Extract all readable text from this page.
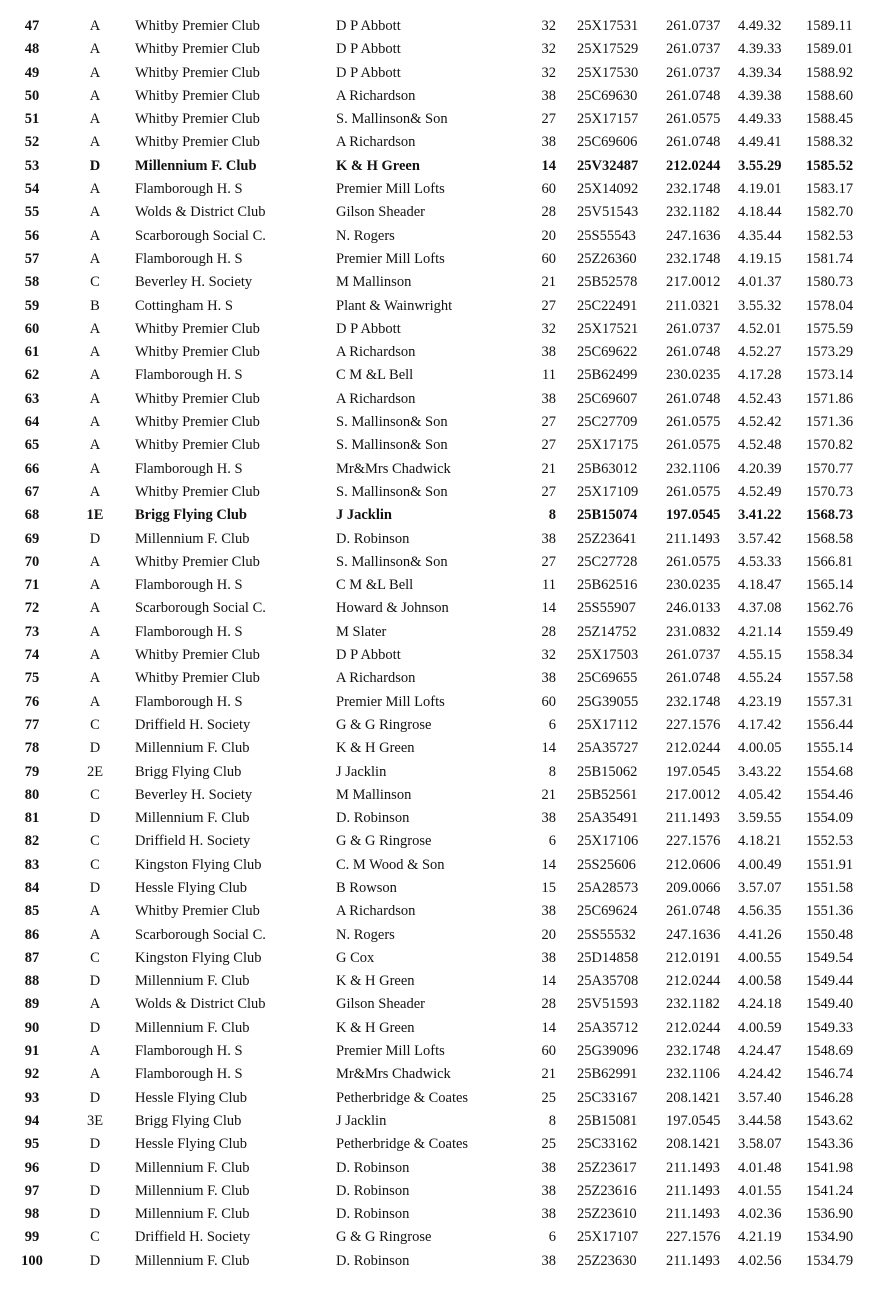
47	A	Whitby Premier Club	D P Abbott	32 25X17531 261.0737 4.49.32 1589.11
48	A	Whitby Premier Club	D P Abbott	32 25X17529 261.0737 4.39.33 1589.01
49	A	Whitby Premier Club	D P Abbott	32 25X17530 261.0737 4.39.34 1588.92
50	A	Whitby Premier Club	A Richardson	38 25C69630 261.0748 4.39.38 1588.60
51	A	Whitby Premier Club	S. Mallinson& Son	27 25X17157 261.0575 4.49.33 1588.45
52	A	Whitby Premier Club	A Richardson	38 25C69606 261.0748 4.49.41 1588.32
53	D	Millennium F. Club	K & H Green	14 25V32487 212.0244 3.55.29 1585.52
54	A	Flamborough H. S	Premier Mill Lofts	60 25X14092 232.1748 4.19.01 1583.17
55	A	Wolds & District Club	Gilson Sheader	28 25V51543 232.1182 4.18.44 1582.70
56	A	Scarborough Social C.	N. Rogers	20 25S55543 247.1636 4.35.44 1582.53
57	A	Flamborough H. S	Premier Mill Lofts	60 25Z26360 232.1748 4.19.15 1581.74
58	C	Beverley H. Society	M Mallinson	21 25B52578 217.0012 4.01.37 1580.73
59	B	Cottingham H. S	Plant & Wainwright	27 25C22491 211.0321 3.55.32 1578.04
60	A	Whitby Premier Club	D P Abbott	32 25X17521 261.0737 4.52.01 1575.59
61	A	Whitby Premier Club	A Richardson	38 25C69622 261.0748 4.52.27 1573.29
62	A	Flamborough H. S	C M &L Bell	11 25B62499 230.0235 4.17.28 1573.14
63	A	Whitby Premier Club	A Richardson	38 25C69607 261.0748 4.52.43 1571.86
64	A	Whitby Premier Club	S. Mallinson& Son	27 25C27709 261.0575 4.52.42 1571.36
65	A	Whitby Premier Club	S. Mallinson& Son	27 25X17175 261.0575 4.52.48 1570.82
66	A	Flamborough H. S	Mr&Mrs Chadwick	21 25B63012 232.1106 4.20.39 1570.77
67	A	Whitby Premier Club	S. Mallinson& Son	27 25X17109 261.0575 4.52.49 1570.73
68	1E	Brigg Flying Club	J Jacklin	8 25B15074 197.0545 3.41.22 1568.73
69	D	Millennium F. Club	D. Robinson	38 25Z23641 211.1493 3.57.42 1568.58
70	A	Whitby Premier Club	S. Mallinson& Son	27 25C27728 261.0575 4.53.33 1566.81
71	A	Flamborough H. S	C M &L Bell	11 25B62516 230.0235 4.18.47 1565.14
72	A	Scarborough Social C.	Howard & Johnson	14 25S55907 246.0133 4.37.08 1562.76
73	A	Flamborough H. S	M Slater	28 25Z14752 231.0832 4.21.14 1559.49
74	A	Whitby Premier Club	D P Abbott	32 25X17503 261.0737 4.55.15 1558.34
75	A	Whitby Premier Club	A Richardson	38 25C69655 261.0748 4.55.24 1557.58
76	A	Flamborough H. S	Premier Mill Lofts	60 25G39055 232.1748 4.23.19 1557.31
77	C	Driffield H. Society	G & G Ringrose	6 25X17112 227.1576 4.17.42 1556.44
78	D	Millennium F. Club	K & H Green	14 25A35727 212.0244 4.00.05 1555.14
79	2E	Brigg Flying Club	J Jacklin	8 25B15062 197.0545 3.43.22 1554.68
80	C	Beverley H. Society	M Mallinson	21 25B52561 217.0012 4.05.42 1554.46
81	D	Millennium F. Club	D. Robinson	38 25A35491 211.1493 3.59.55 1554.09
82	C	Driffield H. Society	G & G Ringrose	6 25X17106 227.1576 4.18.21 1552.53
83	C	Kingston Flying Club	C. M Wood & Son	14 25S25606 212.0606 4.00.49 1551.91
84	D	Hessle Flying Club	B Rowson	15 25A28573 209.0066 3.57.07 1551.58
85	A	Whitby Premier Club	A Richardson	38 25C69624 261.0748 4.56.35 1551.36
86	A	Scarborough Social C.	N. Rogers	20 25S55532 247.1636 4.41.26 1550.48
87	C	Kingston Flying Club	G Cox	38 25D14858 212.0191 4.00.55 1549.54
88	D	Millennium F. Club	K & H Green	14 25A35708 212.0244 4.00.58 1549.44
89	A	Wolds & District Club	Gilson Sheader	28 25V51593 232.1182 4.24.18 1549.40
90	D	Millennium F. Club	K & H Green	14 25A35712 212.0244 4.00.59 1549.33
91	A	Flamborough H. S	Premier Mill Lofts	60 25G39096 232.1748 4.24.47 1548.69
92	A	Flamborough H. S	Mr&Mrs Chadwick	21 25B62991 232.1106 4.24.42 1546.74
93	D	Hessle Flying Club	Petherbridge & Coates	25 25C33167 208.1421 3.57.40 1546.28
94	3E	Brigg Flying Club	J Jacklin	8 25B15081 197.0545 3.44.58 1543.62
95	D	Hessle Flying Club	Petherbridge & Coates	25 25C33162 208.1421 3.58.07 1543.36
96	D	Millennium F. Club	D. Robinson	38 25Z23617 211.1493 4.01.48 1541.98
97	D	Millennium F. Club	D. Robinson	38 25Z23616 211.1493 4.01.55 1541.24
98	D	Millennium F. Club	D. Robinson	38 25Z23610 211.1493 4.02.36 1536.90
99	C	Driffield H. Society	G & G Ringrose	6 25X17107 227.1576 4.21.19 1534.90
100	D	Millennium F. Club	D. Robinson	38 25Z23630 211.1493 4.02.56 1534.79
